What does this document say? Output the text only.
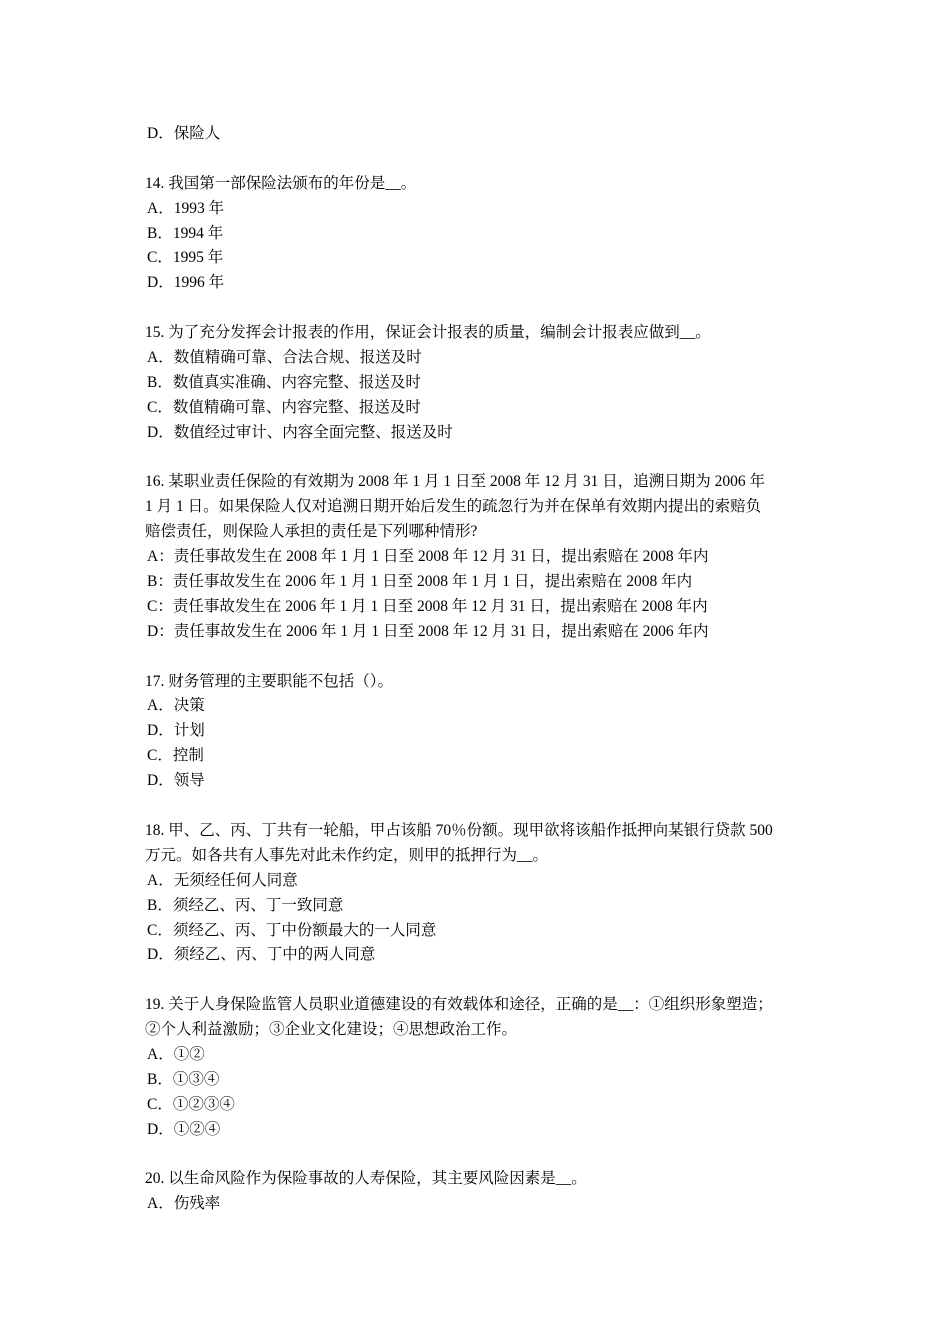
D．保险人
14. 我国第一部保险法颁布的年份是__。
A．1993 年
B．1994 年
C．1995 年
D．1996 年
15. 为了充分发挥会计报表的作用，保证会计报表的质量，编制会计报表应做到__。
A．数值精确可靠、合法合规、报送及时
B．数值真实准确、内容完整、报送及时
C．数值精确可靠、内容完整、报送及时
D．数值经过审计、内容全面完整、报送及时
16. 某职业责任保险的有效期为 2008 年 1 月 1 日至 2008 年 12 月 31 日，追溯日期为 2006 年
1 月 1 日。如果保险人仅对追溯日期开始后发生的疏忽行为并在保单有效期内提出的索赔负
赔偿责任，则保险人承担的责任是下列哪种情形?
A：责任事故发生在 2008 年 1 月 1 日至 2008 年 12 月 31 日，提出索赔在 2008 年内
B：责任事故发生在 2006 年 1 月 1 日至 2008 年 1 月 1 日，提出索赔在 2008 年内
C：责任事故发生在 2006 年 1 月 1 日至 2008 年 12 月 31 日，提出索赔在 2008 年内
D：责任事故发生在 2006 年 1 月 1 日至 2008 年 12 月 31 日，提出索赔在 2006 年内
17. 财务管理的主要职能不包括（）。
A．决策
D．计划
C．控制
D．领导
18. 甲、乙、丙、丁共有一轮船，甲占该船 70％份额。现甲欲将该船作抵押向某银行贷款 500
万元。如各共有人事先对此未作约定，则甲的抵押行为__。
A．无须经任何人同意
B．须经乙、丙、丁一致同意
C．须经乙、丙、丁中份额最大的一人同意
D．须经乙、丙、丁中的两人同意
19. 关于人身保险监管人员职业道德建设的有效载体和途径，正确的是__：①组织形象塑造；
②个人利益激励；③企业文化建设；④思想政治工作。
A．①②
B．①③④
C．①②③④
D．①②④
20. 以生命风险作为保险事故的人寿保险，其主要风险因素是__。
A．伤残率
